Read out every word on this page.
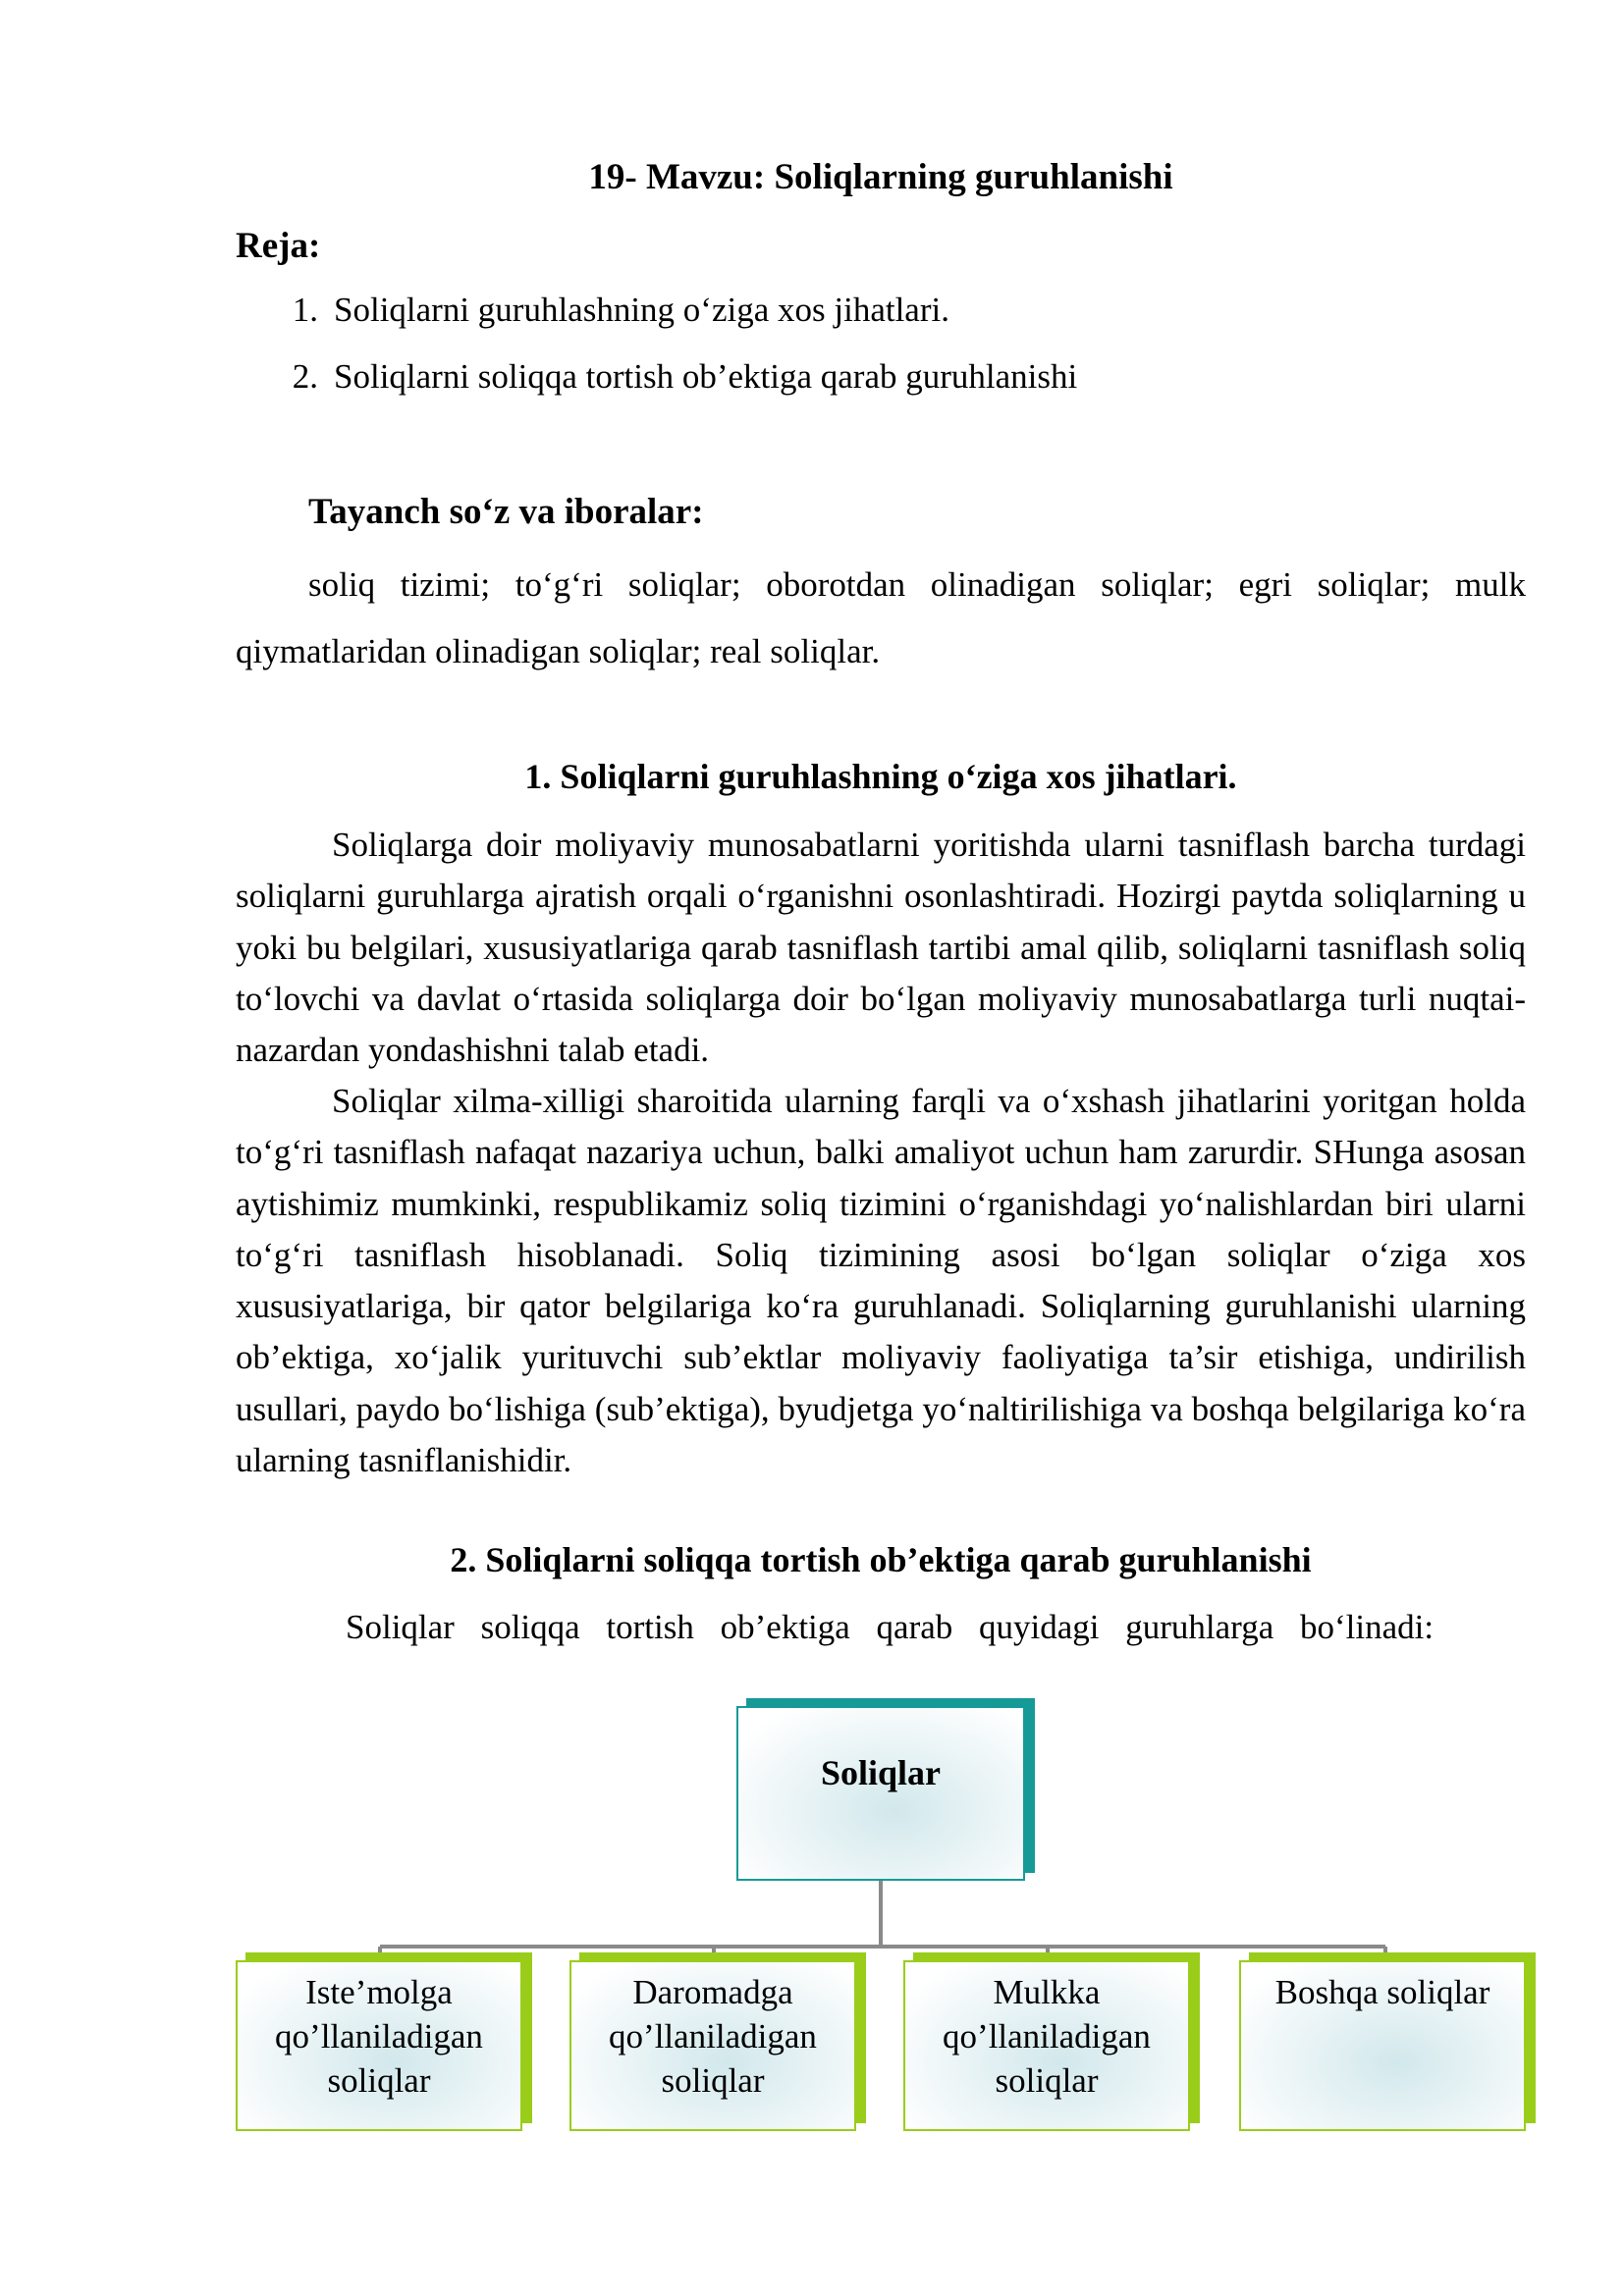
19- Mavzu: Soliqlarning guruhlanishi
Reja:
1. Soliqlarni guruhlashning o‘ziga xos jihatlari.
2. Soliqlarni soliqqa tortish ob’ektiga qarab guruhlanishi
Tayanch so‘z va iboralar:
soliq tizimi; to‘g‘ri soliqlar; oborotdan olinadigan soliqlar; egri soliqlar; mulk qiymatlaridan olinadigan soliqlar; real soliqlar.
1. Soliqlarni guruhlashning o‘ziga xos jihatlari.
Soliqlarga doir moliyaviy munosabatlarni yoritishda ularni tasniflash barcha turdagi soliqlarni guruhlarga ajratish orqali o‘rganishni osonlashtiradi. Hozirgi paytda soliqlarning u yoki bu belgilari, xususiyatlariga qarab tasniflash tartibi amal qilib, soliqlarni tasniflash soliq to‘lovchi va davlat o‘rtasida soliqlarga doir bo‘lgan moliyaviy munosabatlarga turli nuqtai-nazardan yondashishni talab etadi.
Soliqlar xilma-xilligi sharoitida ularning farqli va o‘xshash jihatlarini yoritgan holda to‘g‘ri tasniflash nafaqat nazariya uchun, balki amaliyot uchun ham zarurdir. SHunga asosan aytishimiz mumkinki, respublikamiz soliq tizimini o‘rganishdagi yo‘nalishlardan biri ularni to‘g‘ri tasniflash hisoblanadi. Soliq tizimining asosi bo‘lgan soliqlar o‘ziga xos xususiyatlariga, bir qator belgilariga ko‘ra guruhlanadi. Soliqlarning guruhlanishi ularning ob’ektiga, xo‘jalik yurituvchi sub’ektlar moliyaviy faoliyatiga ta’sir etishiga, undirilish usullari, paydo bo‘lishiga (sub’ektiga), byudjetga yo‘naltirilishiga va boshqa belgilariga ko‘ra ularning tasniflanishidir.
2. Soliqlarni soliqqa tortish ob’ektiga qarab guruhlanishi
Soliqlar soliqqa tortish ob’ektiga qarab quyidagi guruhlarga bo‘linadi:
Soliqlar
Iste’molga
qo’llaniladigan
soliqlar
Daromadga
qo’llaniladigan
soliqlar
Mulkka
qo’llaniladigan
soliqlar
Boshqa soliqlar
